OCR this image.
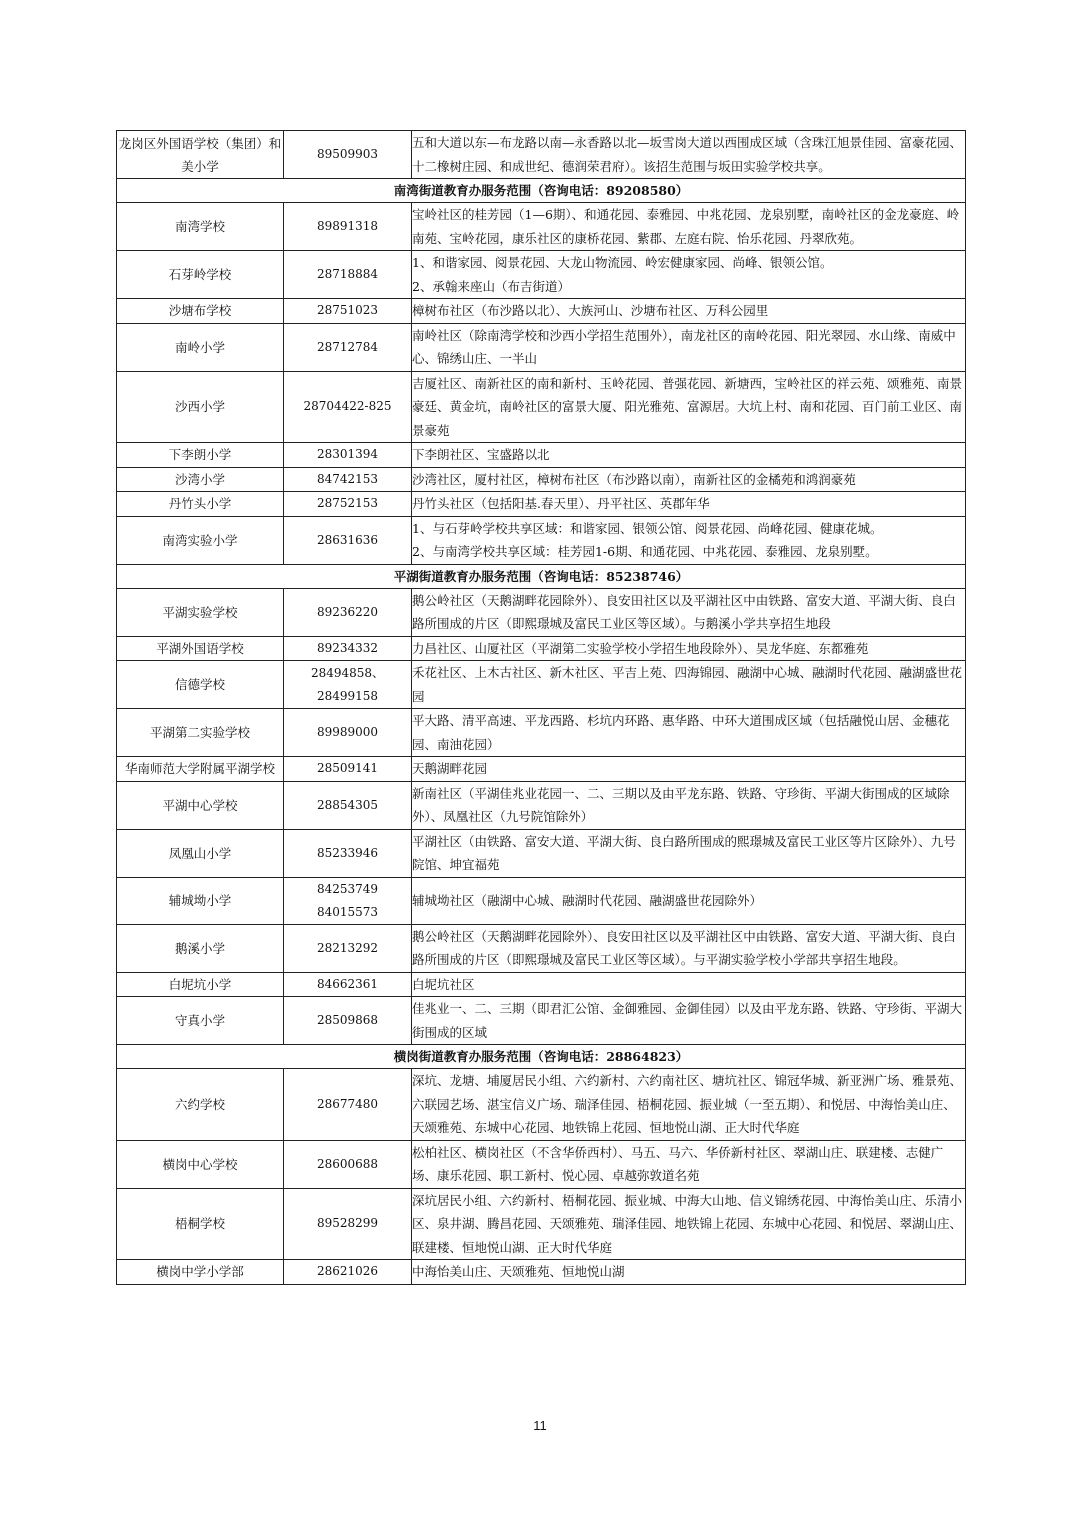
龙岗区外国语学校（集团）和美小学	89509903	五和大道以东—布龙路以南—永香路以北—坂雪岗大道以西围成区域（含珠江旭景佳园、富豪花园、十二橡树庄园、和成世纪、德润荣君府）。该招生范围与坂田实验学校共享。

南湾街道教育办服务范围（咨询电话：89208580）		
南湾学校	89891318	宝岭社区的桂芳园（1—6期）、和通花园、泰雅园、中兆花园、龙泉别墅，南岭社区的金龙豪庭、岭南苑、宝岭花园，康乐社区的康桥花园、紫郡、左庭右院、怡乐花园、丹翠欣苑。

石芽岭学校	28718884	1、和谐家园、阅景花园、大龙山物流园、岭宏健康家园、尚峰、银领公馆。
2、承翰来座山（布吉街道）

沙塘布学校	28751023	樟树布社区（布沙路以北）、大族河山、沙塘布社区、万科公园里

南岭小学	28712784	南岭社区（除南湾学校和沙西小学招生范围外），南龙社区的南岭花园、阳光翠园、水山缘、南威中心、锦绣山庄、一半山

沙西小学	28704422-825	吉厦社区、南新社区的南和新村、玉岭花园、普强花园、新塘西，宝岭社区的祥云苑、颂雅苑、南景豪廷、黄金坑，南岭社区的富景大厦、阳光雅苑、富源居。大坑上村、南和花园、百门前工业区、南景豪苑

下李朗小学	28301394	下李朗社区、宝盛路以北

沙湾小学	84742153	沙湾社区，厦村社区，樟树布社区（布沙路以南），南新社区的金橘苑和鸿润豪苑

丹竹头小学	28752153	丹竹头社区（包括阳基.春天里）、丹平社区、英郡年华

南湾实验小学	28631636	1、与石芽岭学校共享区域：和谐家园、银领公馆、阅景花园、尚峰花园、健康花城。
2、与南湾学校共享区域：桂芳园1-6期、和通花园、中兆花园、泰雅园、龙泉别墅。

平湖街道教育办服务范围（咨询电话：85238746）		
平湖实验学校	89236220	鹅公岭社区（天鹅湖畔花园除外）、良安田社区以及平湖社区中由铁路、富安大道、平湖大街、良白路所围成的片区（即熙璟城及富民工业区等区域）。与鹅溪小学共享招生地段

平湖外国语学校	89234332	力昌社区、山厦社区（平湖第二实验学校小学招生地段除外）、昊龙华庭、东都雅苑

信德学校	28494858、
28499158	禾花社区、上木古社区、新木社区、平吉上苑、四海锦园、融湖中心城、融湖时代花园、融湖盛世花园

平湖第二实验学校	89989000	平大路、清平高速、平龙西路、杉坑内环路、惠华路、中环大道围成区域（包括融悦山居、金穗花园、南油花园）

华南师范大学附属平湖学校	28509141	天鹅湖畔花园

平湖中心学校	28854305	新南社区（平湖佳兆业花园一、二、三期以及由平龙东路、铁路、守珍街、平湖大街围成的区域除外）、凤凰社区（九号院馆除外）

凤凰山小学	85233946	平湖社区（由铁路、富安大道、平湖大街、良白路所围成的熙璟城及富民工业区等片区除外）、九号院馆、坤宜福苑

辅城坳小学	84253749
84015573	辅城坳社区（融湖中心城、融湖时代花园、融湖盛世花园除外）

鹅溪小学	28213292	鹅公岭社区（天鹅湖畔花园除外）、良安田社区以及平湖社区中由铁路、富安大道、平湖大街、良白路所围成的片区（即熙璟城及富民工业区等区域）。与平湖实验学校小学部共享招生地段。

白坭坑小学	84662361	白坭坑社区

守真小学	28509868	佳兆业一、二、三期（即君汇公馆、金御雅园、金御佳园）以及由平龙东路、铁路、守珍街、平湖大街围成的区域

横岗街道教育办服务范围（咨询电话：28864823）		
六约学校	28677480	深坑、龙塘、埔厦居民小组、六约新村、六约南社区、塘坑社区、锦冠华城、新亚洲广场、雅景苑、六联园艺场、湛宝信义广场、瑞泽佳园、梧桐花园、振业城（一至五期）、和悦居、中海怡美山庄、天颂雅苑、东城中心花园、地铁锦上花园、恒地悦山湖、正大时代华庭

横岗中心学校	28600688	松柏社区、横岗社区（不含华侨西村）、马五、马六、华侨新村社区、翠湖山庄、联建楼、志健广场、康乐花园、职工新村、悦心园、卓越弥敦道名苑

梧桐学校	89528299	深坑居民小组、六约新村、梧桐花园、振业城、中海大山地、信义锦绣花园、中海怡美山庄、乐清小区、泉井湖、腾昌花园、天颂雅苑、瑞泽佳园、地铁锦上花园、东城中心花园、和悦居、翠湖山庄、联建楼、恒地悦山湖、正大时代华庭

横岗中学小学部	28621026	中海怡美山庄、天颂雅苑、恒地悦山湖
11
